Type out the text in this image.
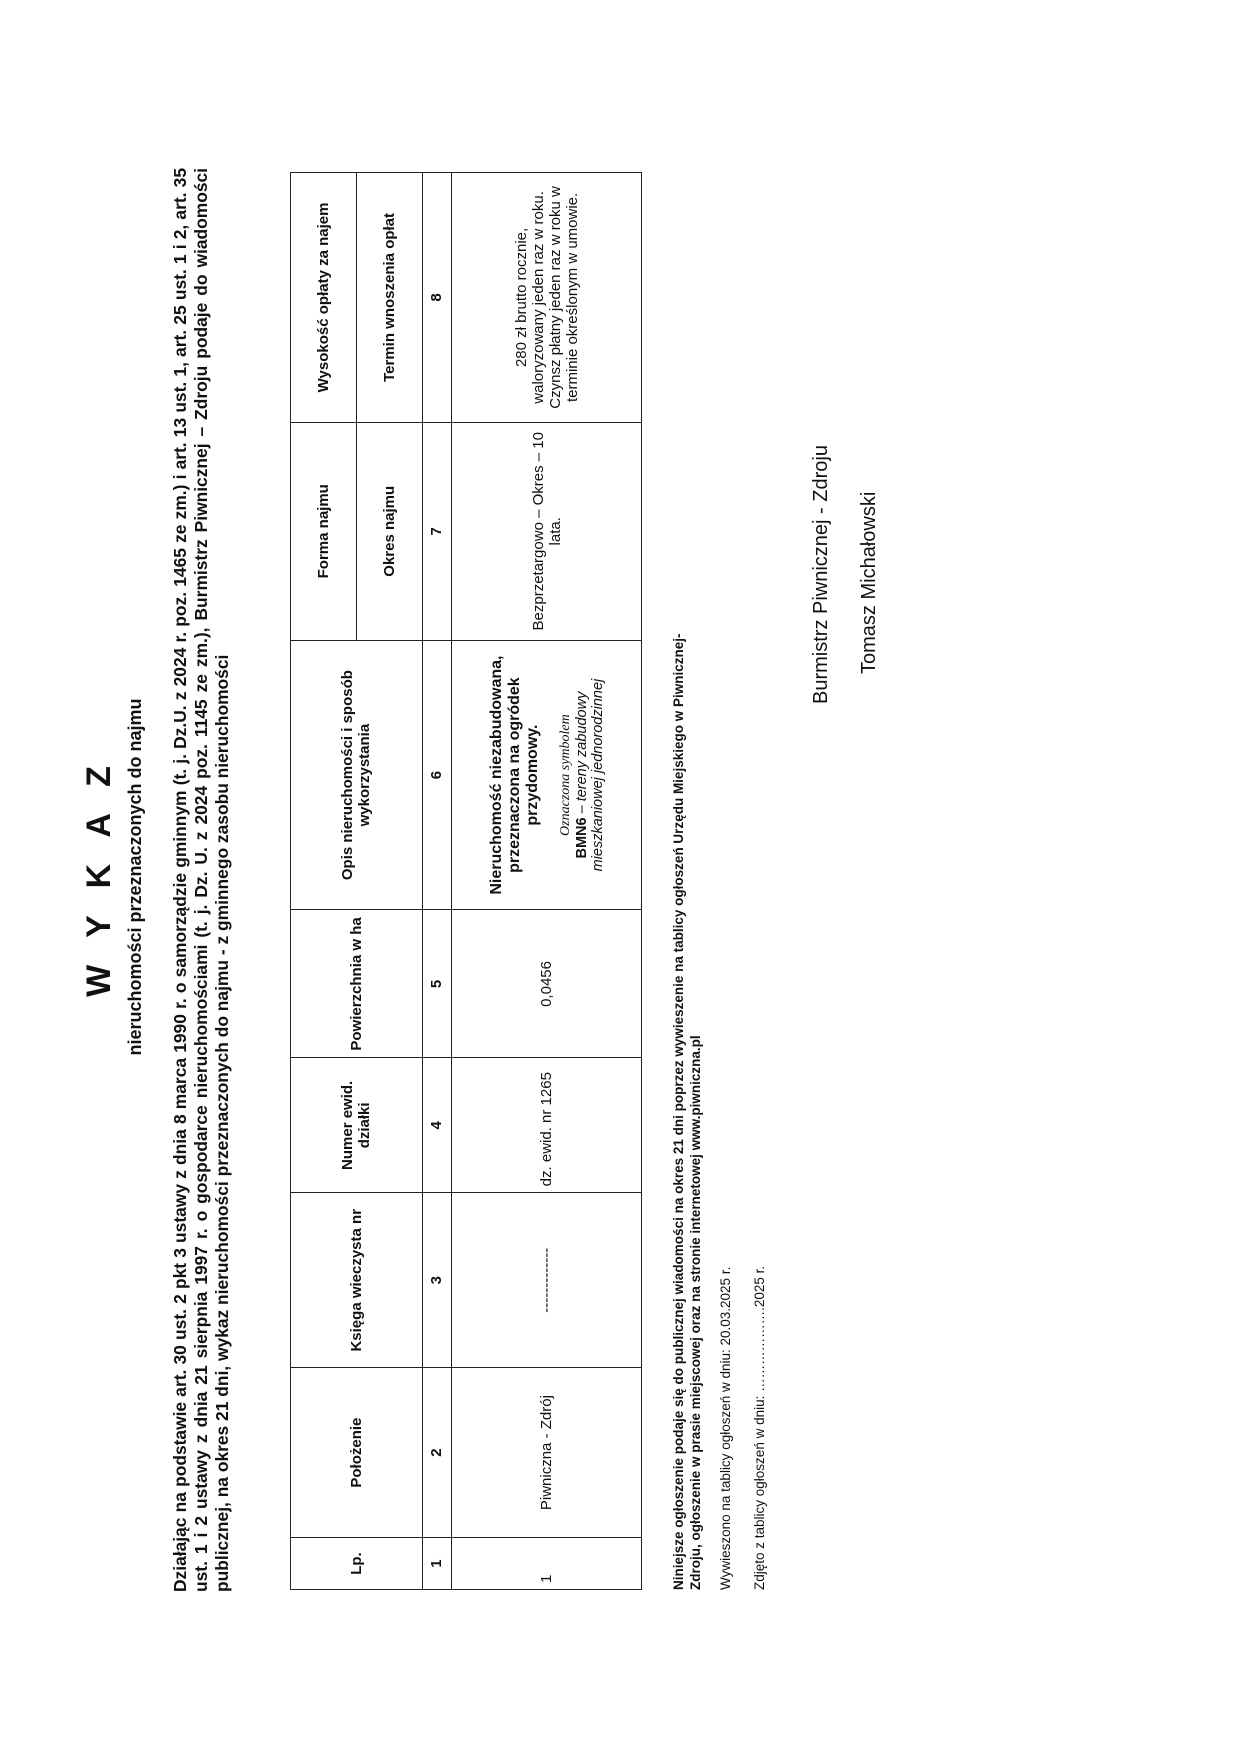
W Y K A Z nieruchomości przeznaczonych do najmu Działając na podstawie art. 30 ust. 2 pkt 3 ustawy z dnia 8 marca 1990 r. o samorządzie gminnym (t. j. Dz.U. z 2024 r. poz. 1465 ze zm.) i art. 13 ust. 1, art. 25 ust. 1 i 2, art. 35 ust. 1 i 2 ustawy z dnia 21 sierpnia 1997 r. o gospodarce nieruchomościami (t. j. Dz. U. z 2024 poz. 1145 ze zm.), Burmistrz Piwnicznej – Zdroju podaje do wiadomości publicznej, na okres 21 dni, wykaz nieruchomości przeznaczonych do najmu - z gminnego zasobu nieruchomości	Lp.	Położenie	Księga wieczysta nr	Numer ewid. działki	Powierzchnia w ha	Opis nieruchomości i sposób wykorzystania	Forma najmu	Wysokość opłaty za najem
						Okres najmu	Termin wnoszenia opłat
1	2	3	4	5	6	7	8
1	Piwniczna - Zdrój	-------------	dz. ewid. nr 1265	0,0456	Nieruchomość niezabudowana, przeznaczona na ogródek przydomowy. Oznaczona symbolem
BMN6 – tereny zabudowy mieszkaniowej jednorodzinnej	Bezprzetargowo – Okres – 10 lata.	280 zł brutto rocznie, waloryzowany jeden raz w roku. Czynsz płatny jeden raz w roku w terminie określonym w umowie.
Niniejsze ogłoszenie podaje się do publicznej wiadomości na okres 21 dni poprzez wywieszenie na tablicy ogłoszeń Urzędu Miejskiego w Piwnicznej-Zdroju, ogłoszenie w prasie miejscowej oraz na stronie internetowej www.piwniczna.pl Wywieszono na tablicy ogłoszeń w dniu: 20.03.2025 r. Zdjęto z tablicy ogłoszeń w dniu: ……………….2025 r.
Burmistrz Piwnicznej - Zdroju Tomasz Michałowski
